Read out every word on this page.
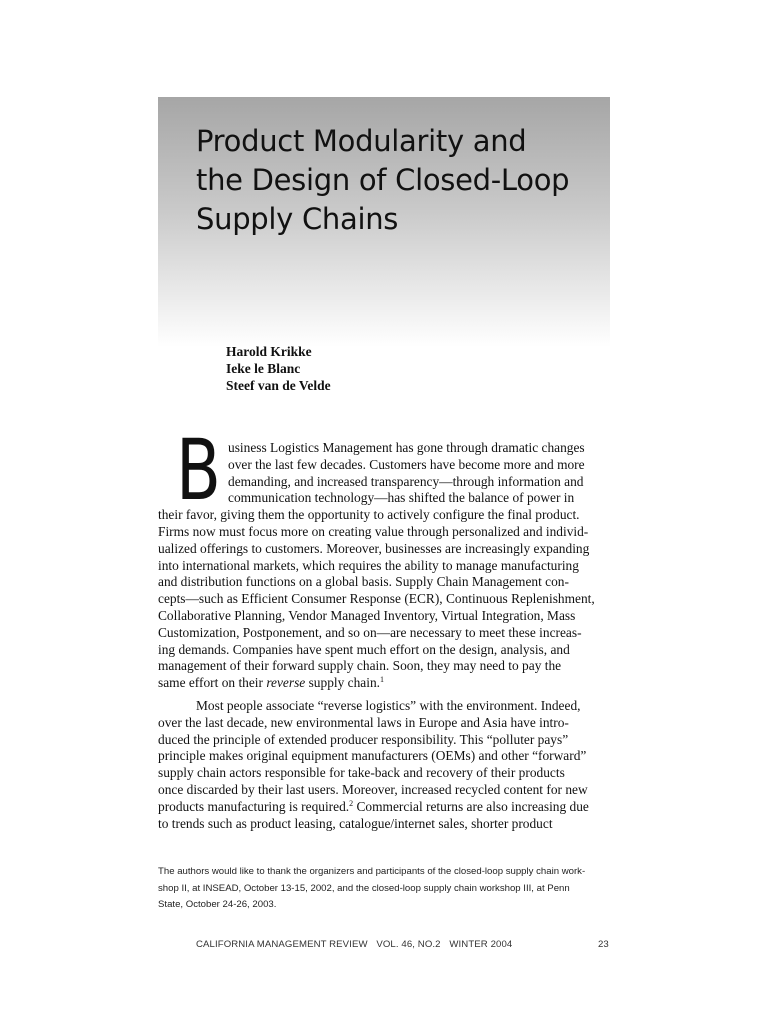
Product Modularity and
the Design of Closed-Loop
Supply Chains
Harold Krikke
Ieke le Blanc
Steef van de Velde
B usiness Logistics Management has gone through dramatic changes
over the last few decades. Customers have become more and more
demanding, and increased transparency—through information and
communication technology—has shifted the balance of power in
their favor, giving them the opportunity to actively configure the final product.
Firms now must focus more on creating value through personalized and individ-
ualized offerings to customers. Moreover, businesses are increasingly expanding
into international markets, which requires the ability to manage manufacturing
and distribution functions on a global basis. Supply Chain Management con-
cepts—such as Efficient Consumer Response (ECR), Continuous Replenishment,
Collaborative Planning, Vendor Managed Inventory, Virtual Integration, Mass
Customization, Postponement, and so on—are necessary to meet these increas-
ing demands. Companies have spent much effort on the design, analysis, and
management of their forward supply chain. Soon, they may need to pay the
same effort on their reverse supply chain.$^1$
Most people associate “reverse logistics” with the environment. Indeed,
over the last decade, new environmental laws in Europe and Asia have intro-
duced the principle of extended producer responsibility. This “polluter pays”
principle makes original equipment manufacturers (OEMs) and other “forward”
supply chain actors responsible for take-back and recovery of their products
once discarded by their last users. Moreover, increased recycled content for new
products manufacturing is required.$^2$ Commercial returns are also increasing due
to trends such as product leasing, catalogue/internet sales, shorter product
The authors would like to thank the organizers and participants of the closed-loop supply chain work-
shop II, at INSEAD, October 13-15, 2002, and the closed-loop supply chain workshop III, at Penn
State, October 24-26, 2003.
CALIFORNIA MANAGEMENT REVIEW VOL. 46, NO.2 WINTER 2004	23
